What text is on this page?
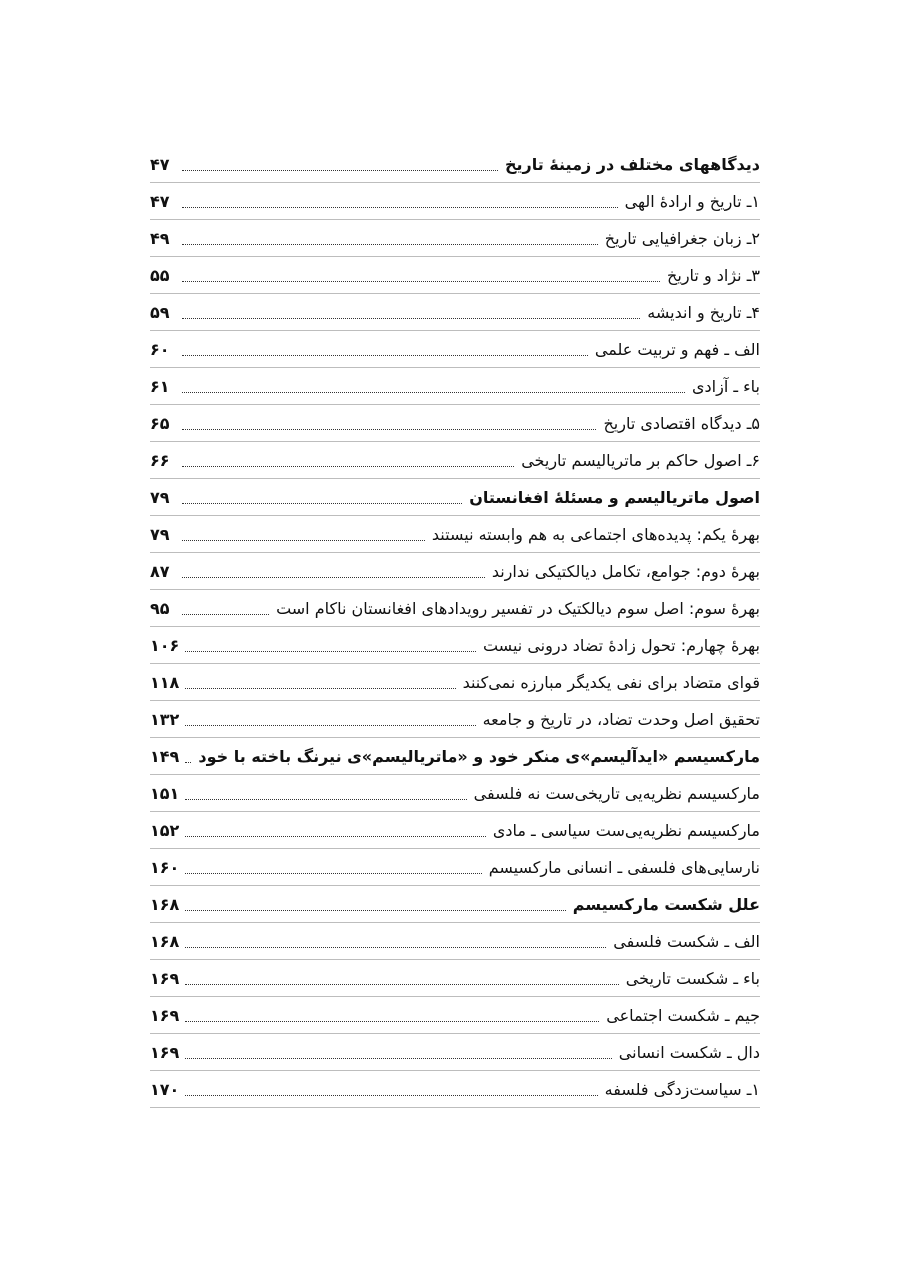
دیدگاههای مختلف در زمینهٔ تاریخ
۴۷
۱ـ تاریخ و ارادهٔ الهی
۴۷
۲ـ زبان جغرافیایی تاریخ
۴۹
۳ـ نژاد و تاریخ
۵۵
۴ـ تاریخ و اندیشه
۵۹
الف ـ فهم و تربیت علمی
۶۰
باء ـ آزادی
۶۱
۵ـ دیدگاه اقتصادی تاریخ
۶۵
۶ـ اصول حاکم بر ماتریالیسم تاریخی
۶۶
اصول ماتریالیسم و مسئلهٔ افغانستان
۷۹
بهرهٔ یکم: پدیده‌های اجتماعی به هم وابسته نیستند
۷۹
بهرهٔ دوم: جوامع، تکامل دیالکتیکی ندارند
۸۷
بهرهٔ سوم: اصل سوم دیالکتیک در تفسیر رویدادهای افغانستان ناکام است
۹۵
بهرهٔ چهارم: تحول زادهٔ تضاد درونی نیست
۱۰۶
قوای متضاد برای نفی یکدیگر مبارزه نمی‌کنند
۱۱۸
تحقیق اصل وحدت تضاد، در تاریخ و جامعه
۱۳۲
مارکسیسم «ایدآلیسم»ی منکر خود و «ماتریالیسم»ی نیرنگ باخته با خود
۱۴۹
مارکسیسم نظریه‌یی تاریخی‌ست نه فلسفی
۱۵۱
مارکسیسم نظریه‌یی‌ست سیاسی ـ مادی
۱۵۲
نارسایی‌های فلسفی ـ انسانی مارکسیسم
۱۶۰
علل شکست مارکسیسم
۱۶۸
الف ـ شکست فلسفی
۱۶۸
باء ـ شکست تاریخی
۱۶۹
جیم ـ شکست اجتماعی
۱۶۹
دال ـ شکست انسانی
۱۶۹
۱ـ سیاست‌زدگی فلسفه
۱۷۰
